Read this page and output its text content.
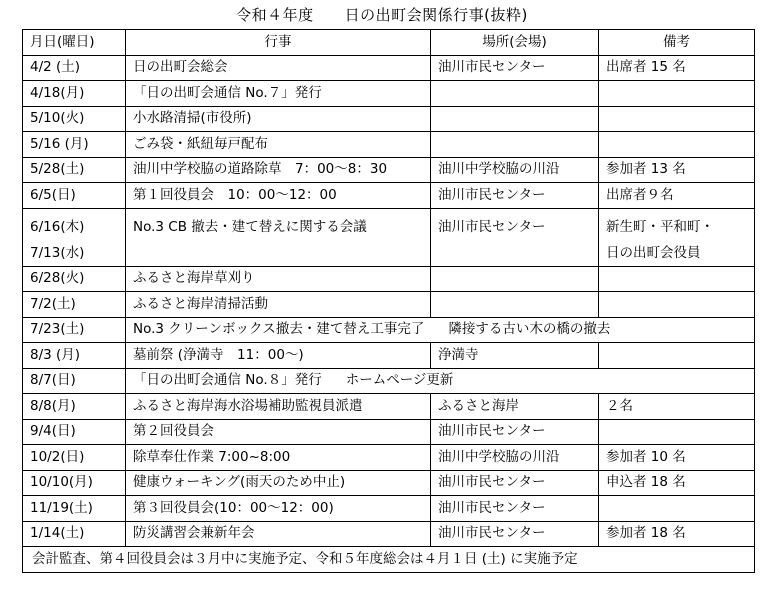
令和４年度　　日の出町会関係行事(抜粋)
月日(曜日)	行事	場所(会場)	備考
4/2 (土)	日の出町会総会	油川市民センター	出席者 15 名
4/18(月)	「日の出町会通信 No.７」発行		
5/10(火)	小水路清掃(市役所)		
5/16 (月)	ごみ袋・紙紐毎戸配布		
5/28(土)	油川中学校脇の道路除草　7：00～8：30	油川中学校脇の川沿	参加者 13 名
6/5(日)	第１回役員会　10：00～12：00	油川市民センター	出席者９名

6/16(木)
7/13(水)	No.3 CB 撤去・建て替えに関する会議	油川市民センター	新生町・平和町・
日の出町会役員

6/28(火)	ふるさと海岸草刈り		
7/2(土)	ふるさと海岸清掃活動		
7/23(土)	No.3 クリーンボックス撤去・建て替え工事完了 隣接する古い木の橋の撤去		
8/3 (月)	墓前祭 (浄満寺　11：00～)	浄満寺	
8/7(日)	「日の出町会通信 No.８」発行 ホームページ更新		
8/8(月)	ふるさと海岸海水浴場補助監視員派遣	ふるさと海岸	２名
9/4(日)	第２回役員会	油川市民センター	
10/2(日)	除草奉仕作業 7:00~8:00	油川中学校脇の川沿	参加者 10 名
10/10(月)	健康ウォーキング(雨天のため中止)	油川市民センター	申込者 18 名
11/19(土)	第３回役員会(10：00～12：00)	油川市民センター	
1/14(土)	防災講習会兼新年会	油川市民センター	参加者 18 名
会計監査、第４回役員会は３月中に実施予定、令和５年度総会は４月１日 (土) に実施予定			
